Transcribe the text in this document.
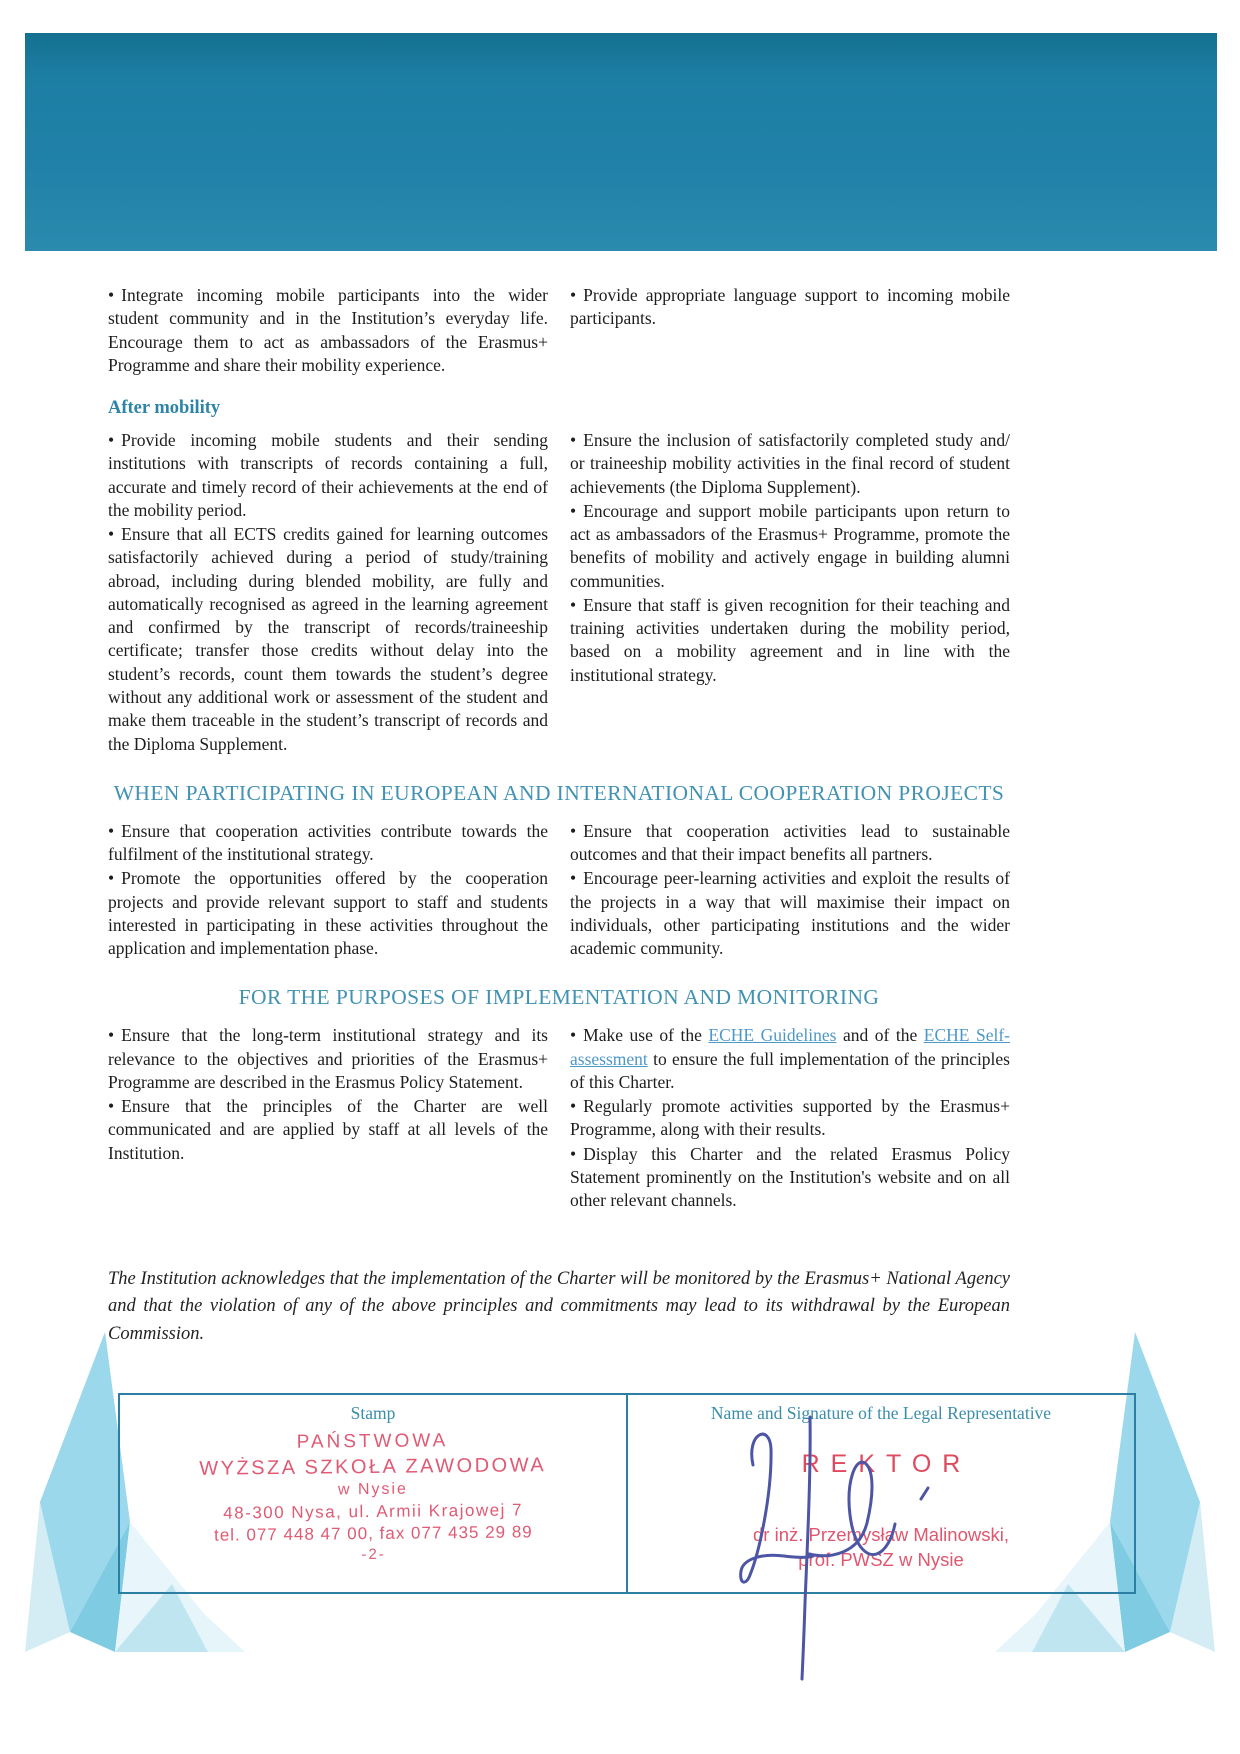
• Integrate incoming mobile participants into the wider student community and in the Institution’s everyday life. Encourage them to act as ambassadors of the Erasmus+ Programme and share their mobility experience.

• Provide appropriate language support to incoming mobile participants.

After mobility

• Provide incoming mobile students and their sending institutions with transcripts of records containing a full, accurate and timely record of their achievements at the end of the mobility period.

• Ensure that all ECTS credits gained for learning outcomes satisfactorily achieved during a period of study/training abroad, including during blended mobility, are fully and automatically recognised as agreed in the learning agreement and confirmed by the transcript of records/traineeship certificate; transfer those credits without delay into the student’s records, count them towards the student’s degree without any additional work or assessment of the student and make them traceable in the student’s transcript of records and the Diploma Supplement.

• Ensure the inclusion of satisfactorily completed study and/ or traineeship mobility activities in the final record of student achievements (the Diploma Supplement).

• Encourage and support mobile participants upon return to act as ambassadors of the Erasmus+ Programme, promote the benefits of mobility and actively engage in building alumni communities.

• Ensure that staff is given recognition for their teaching and training activities undertaken during the mobility period, based on a mobility agreement and in line with the institutional strategy.

WHEN PARTICIPATING IN EUROPEAN AND INTERNATIONAL COOPERATION PROJECTS

• Ensure that cooperation activities contribute towards the fulfilment of the institutional strategy.

• Promote the opportunities offered by the cooperation projects and provide relevant support to staff and students interested in participating in these activities throughout the application and implementation phase.

• Ensure that cooperation activities lead to sustainable outcomes and that their impact benefits all partners.

• Encourage peer-learning activities and exploit the results of the projects in a way that will maximise their impact on individuals, other participating institutions and the wider academic community.

FOR THE PURPOSES OF IMPLEMENTATION AND MONITORING

• Ensure that the long-term institutional strategy and its relevance to the objectives and priorities of the Erasmus+ Programme are described in the Erasmus Policy Statement.

• Ensure that the principles of the Charter are well communicated and are applied by staff at all levels of the Institution.

• Make use of the ECHE Guidelines and of the ECHE Self-assessment to ensure the full implementation of the principles of this Charter.

• Regularly promote activities supported by the Erasmus+ Programme, along with their results.

• Display this Charter and the related Erasmus Policy Statement prominently on the Institution's website and on all other relevant channels.

The Institution acknowledges that the implementation of the Charter will be monitored by the Erasmus+ National Agency and that the violation of any of the above principles and commitments may lead to its withdrawal by the European Commission.

Stamp
PAŃSTWOWA
WYŻSZA SZKOŁA ZAWODOWA
w Nysie
48-300 Nysa, ul. Armii Krajowej 7
tel. 077 448 47 00, fax 077 435 29 89
-2-
Name and Signature of the Legal Representative
REKTOR
dr inż. Przemysław Malinowski,
prof. PWSZ w Nysie
